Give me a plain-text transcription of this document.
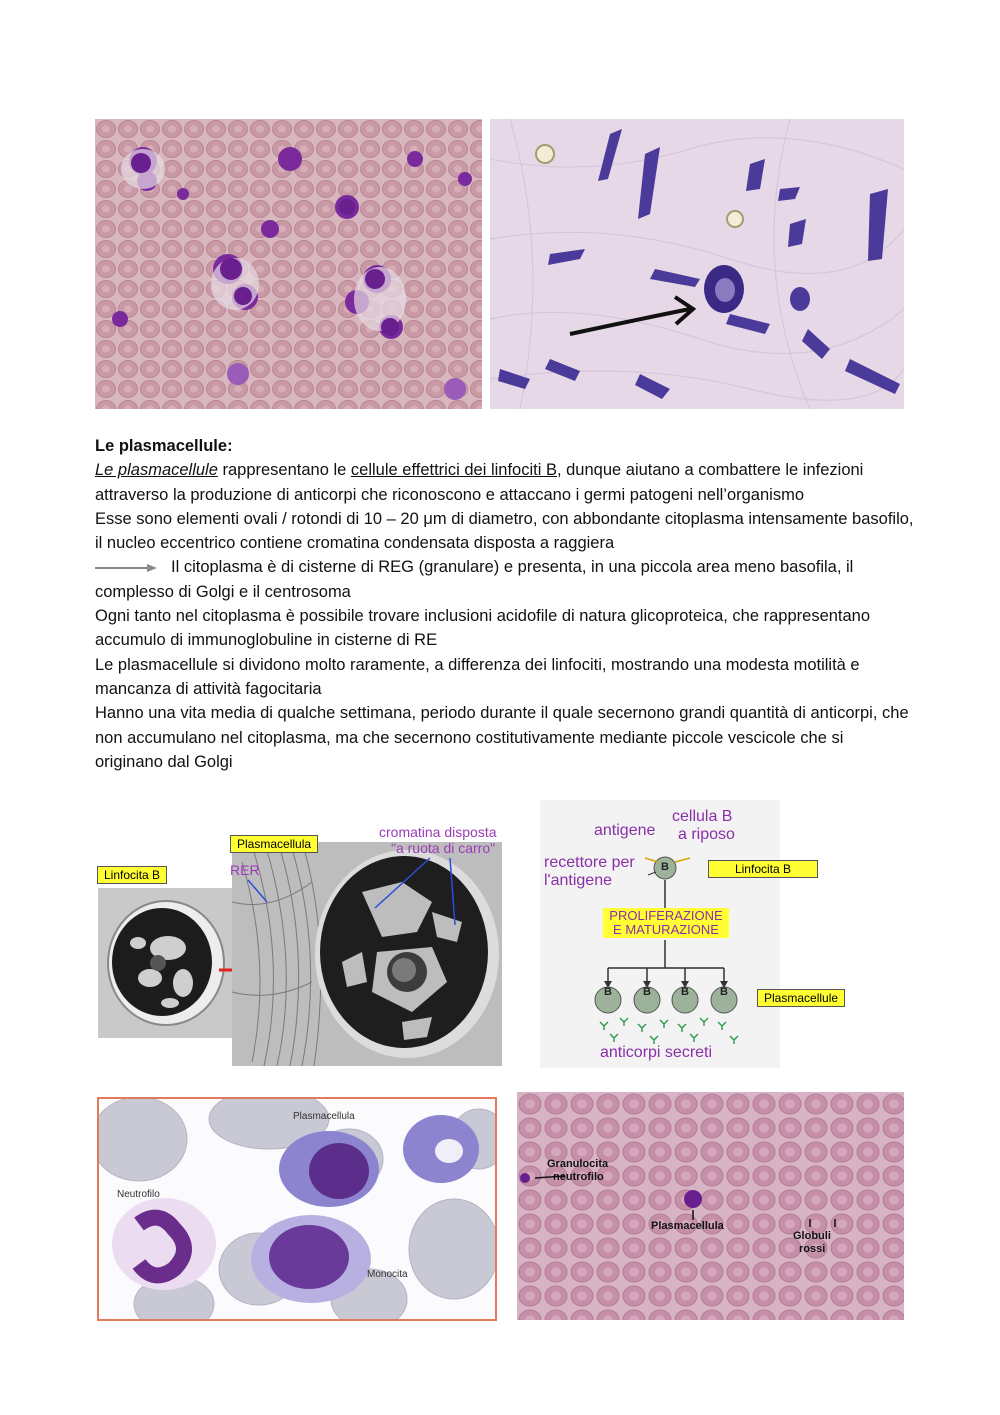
Le plasmacellule:

Le plasmacellule rappresentano le cellule effettrici dei linfociti B, dunque aiutano a combattere le infezioni attraverso la produzione di anticorpi che riconoscono e attaccano i germi patogeni nell’organismo

Esse sono elementi ovali / rotondi di 10 – 20 μm di diametro, con abbondante citoplasma intensamente basofilo, il nucleo eccentrico contiene cromatina condensata disposta a raggiera

Il citoplasma è di cisterne di REG (granulare) e presenta, in una piccola area meno basofila, il complesso di Golgi e il centrosoma

Ogni tanto nel citoplasma è possibile trovare inclusioni acidofile di natura glicoproteica, che rappresentano accumulo di immunoglobuline in cisterne di RE

Le plasmacellule si dividono molto raramente, a differenza dei linfociti, mostrando una modesta motilità e mancanza di attività fagocitaria

Hanno una vita media di qualche settimana, periodo durante il quale secernono grandi quantità di anticorpi, che non accumulano nel citoplasma, ma che secernono costitutivamente mediante piccole vescicole che si originano dal Golgi

Linfocita B
Plasmacellula
RER
cromatina disposta
"a ruota di carro"
antigene
cellula B
a riposo
recettore per
l'antigene
B	Linfocita B
PROLIFERAZIONE
E MATURAZIONE
B	B	B	B	Plasmacellule
anticorpi secreti
Plasmacellula
Neutrofilo
Monocita
Granulocita
neutrofilo
Plasmacellula
Globuli
rossi
